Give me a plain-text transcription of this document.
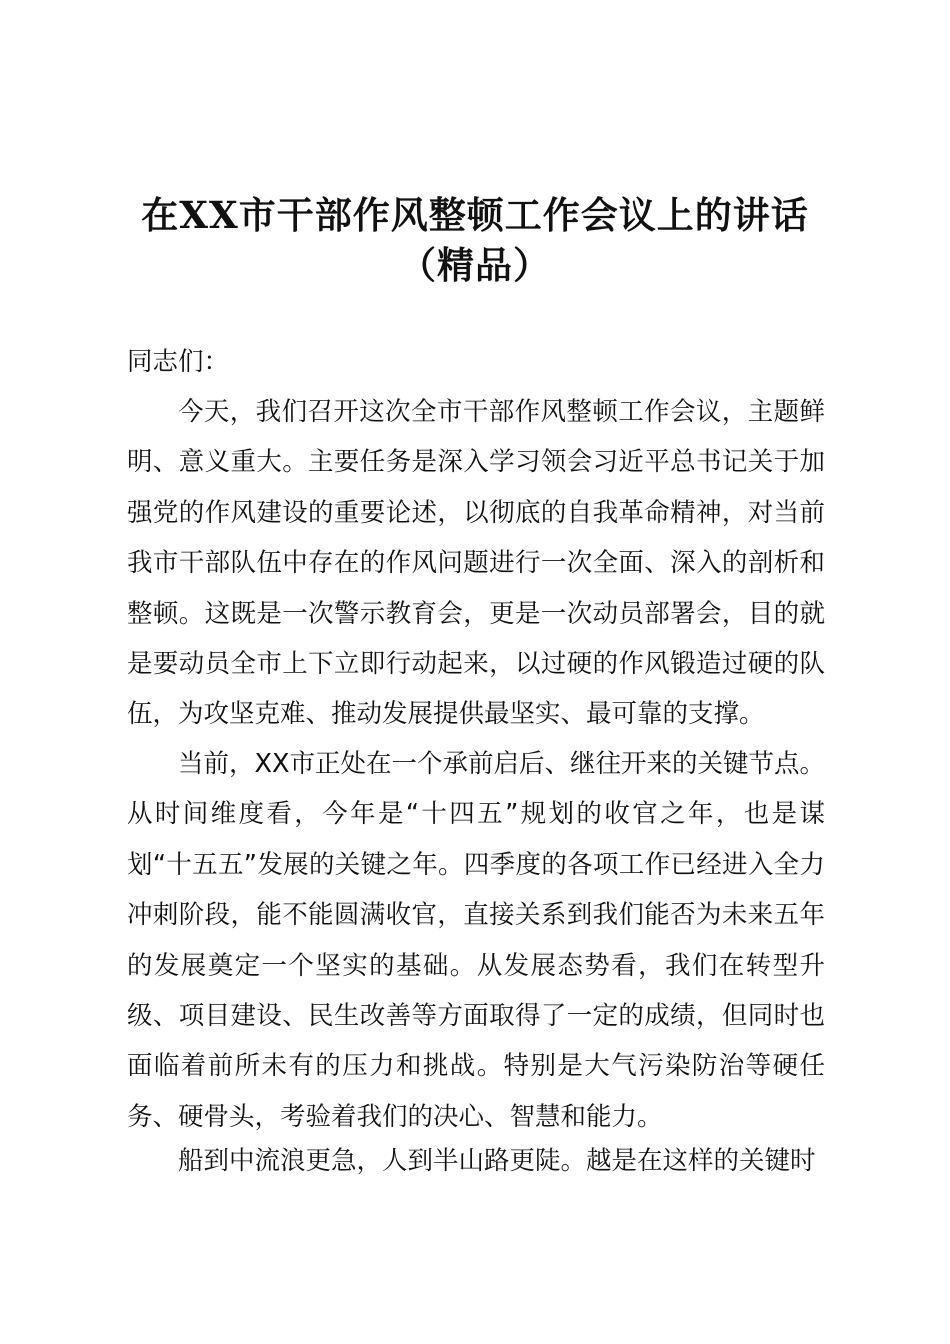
在XX市干部作风整顿工作会议上的讲话
（精品）
同志们：

今天，我们召开这次全市干部作风整顿工作会议，主题鲜明、意义重大。主要任务是深入学习领会习近平总书记关于加强党的作风建设的重要论述，以彻底的自我革命精神，对当前我市干部队伍中存在的作风问题进行一次全面、深入的剖析和整顿。这既是一次警示教育会，更是一次动员部署会，目的就是要动员全市上下立即行动起来，以过硬的作风锻造过硬的队伍，为攻坚克难、推动发展提供最坚实、最可靠的支撑。

当前，XX市正处在一个承前启后、继往开来的关键节点。从时间维度看，今年是“十四五”规划的收官之年，也是谋划“十五五”发展的关键之年。四季度的各项工作已经进入全力冲刺阶段，能不能圆满收官，直接关系到我们能否为未来五年的发展奠定一个坚实的基础。从发展态势看，我们在转型升级、项目建设、民生改善等方面取得了一定的成绩，但同时也面临着前所未有的压力和挑战。特别是大气污染防治等硬任务、硬骨头，考验着我们的决心、智慧和能力。

船到中流浪更急，人到半山路更陡。越是在这样的关键时
